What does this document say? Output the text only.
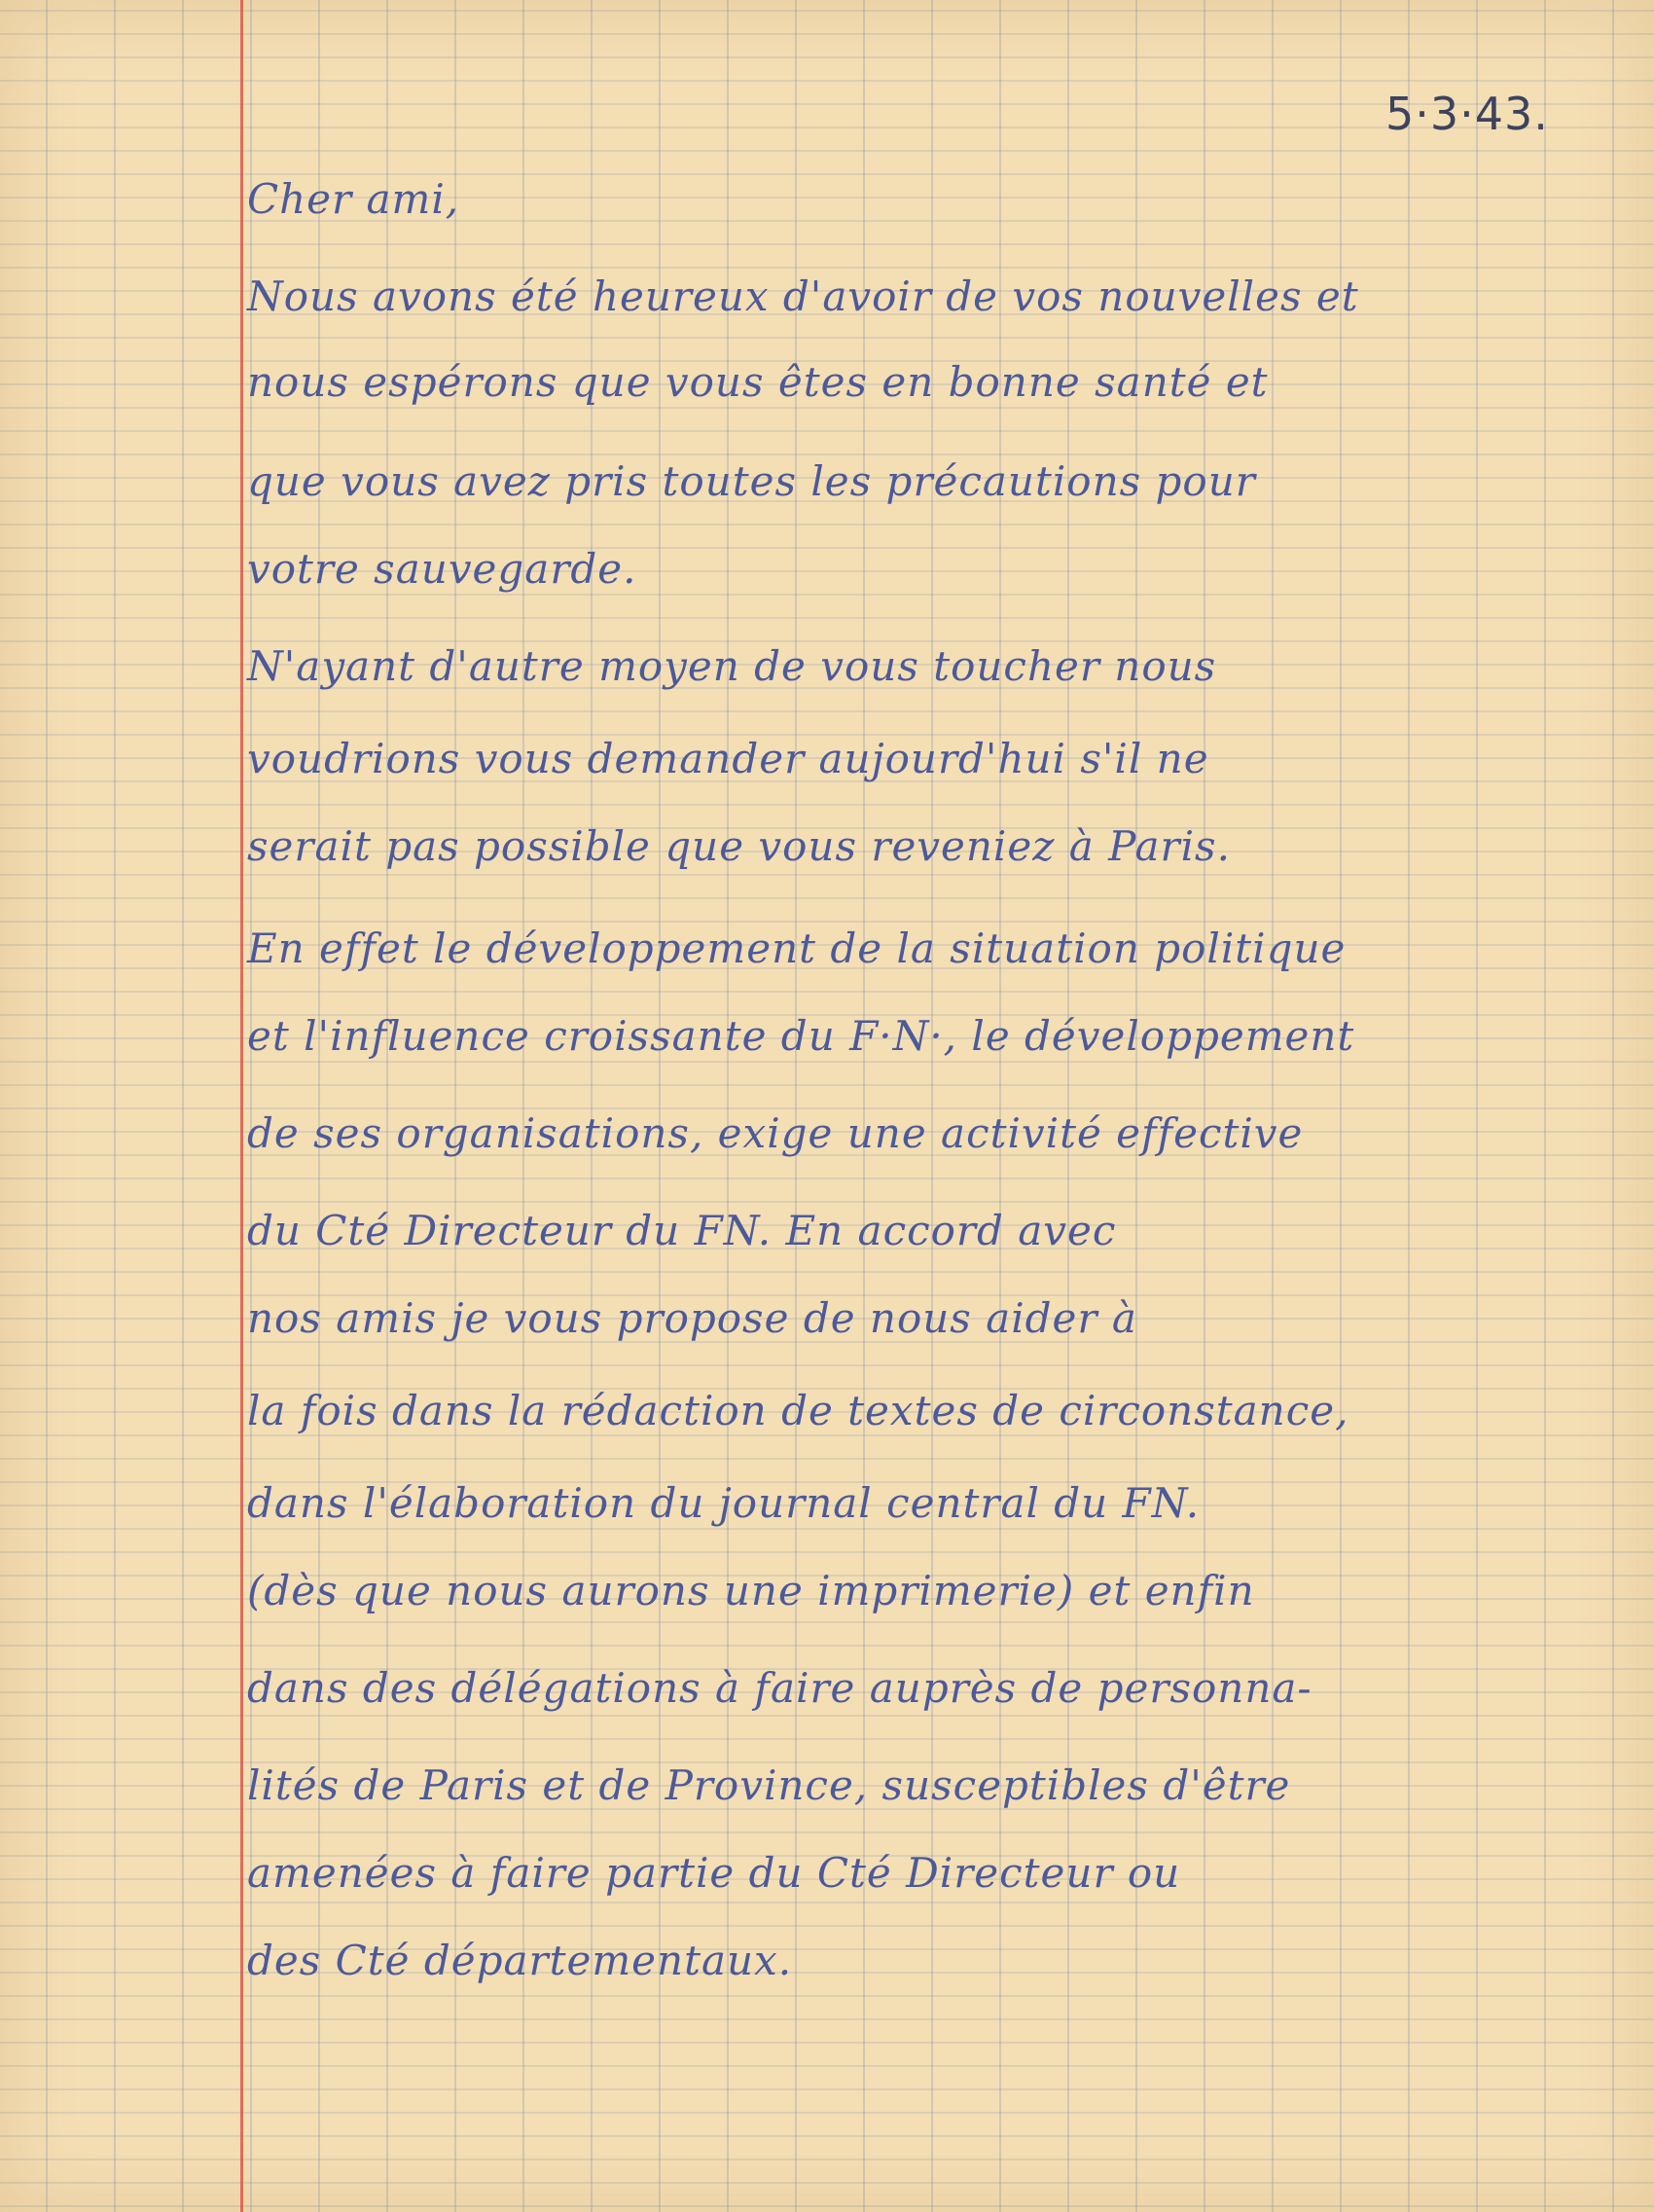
5·3·43.
Cher ami,
Nous avons été heureux d'avoir de vos nouvelles et
nous espérons que vous êtes en bonne santé et
que vous avez pris toutes les précautions pour
votre sauvegarde.
N'ayant d'autre moyen de vous toucher nous
voudrions vous demander aujourd'hui s'il ne
serait pas possible que vous reveniez à Paris.
En effet le développement de la situation politique
et l'influence croissante du F·N·, le développement
de ses organisations, exige une activité effective
du Cté Directeur du FN. En accord avec
nos amis je vous propose de nous aider à
la fois dans la rédaction de textes de circonstance,
dans l'élaboration du journal central du FN.
(dès que nous aurons une imprimerie) et enfin
dans des délégations à faire auprès de personna-
lités de Paris et de Province, susceptibles d'être
amenées à faire partie du Cté Directeur ou
des Cté départementaux.
